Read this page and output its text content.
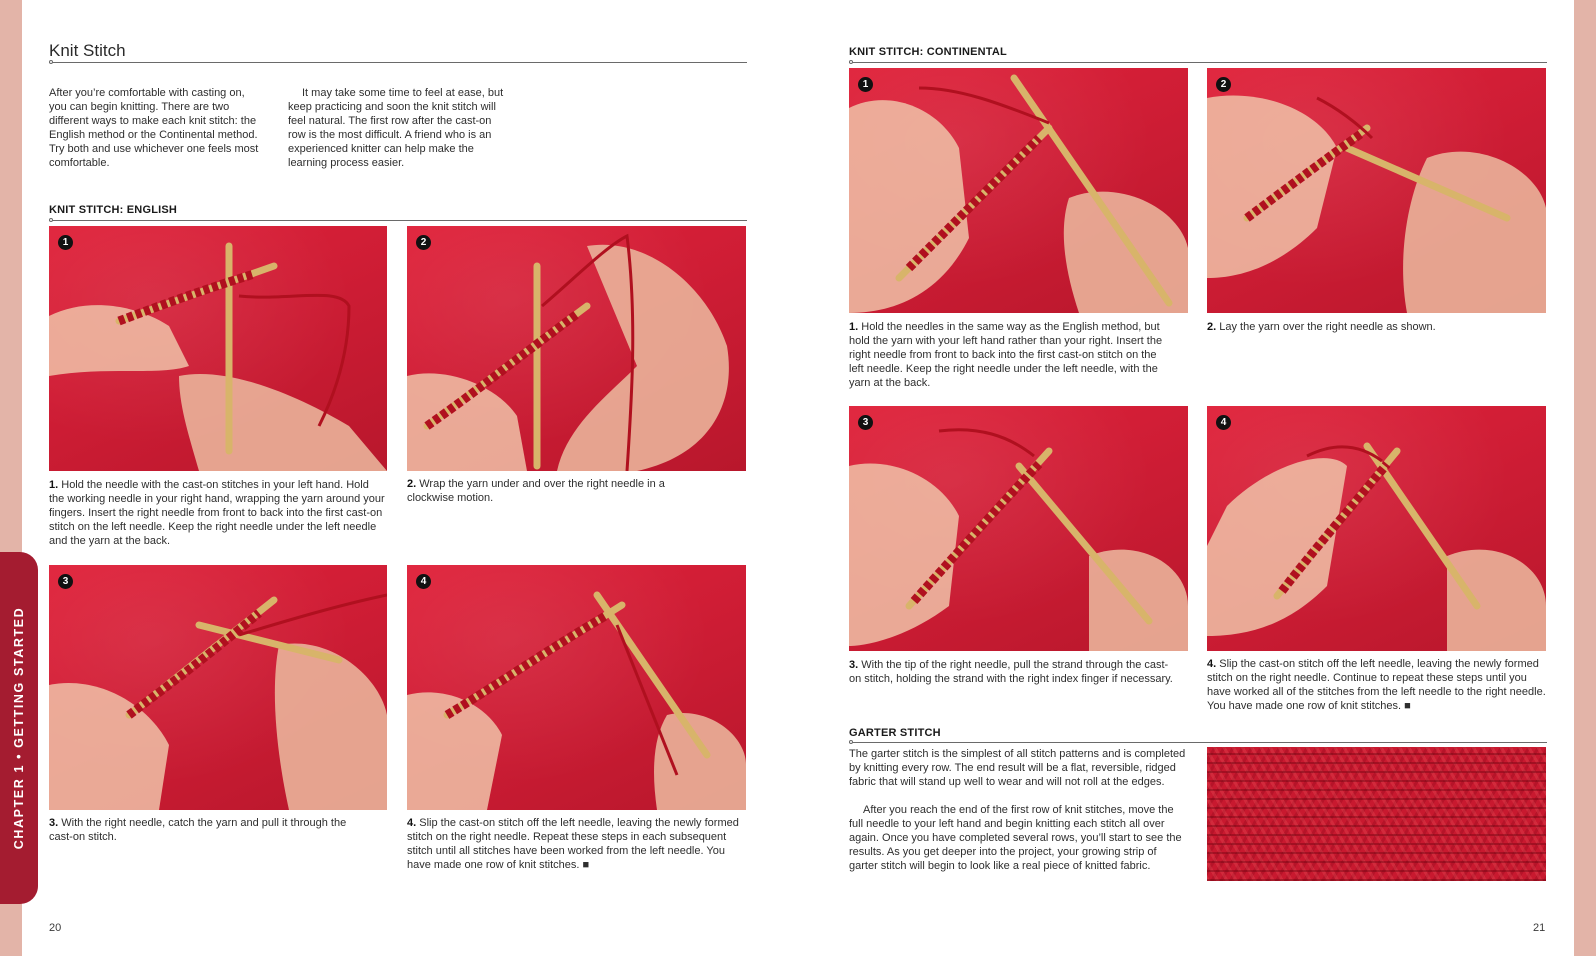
CHAPTER 1 • GETTING STARTED
Knit Stitch

After you’re comfortable with casting on, you can begin knitting. There are two different ways to make each knit stitch: the English method or the Continental method. Try both and use whichever one feels most comfortable.

It may take some time to feel at ease, but keep practicing and soon the knit stitch will feel natural. The first row after the cast-on row is the most difficult. A friend who is an experienced knitter can help make the learning process easier.

KNIT STITCH: ENGLISH
1	2

1. Hold the needle with the cast-on stitches in your left hand. Hold the working needle in your right hand, wrapping the yarn around your fingers. Insert the right needle from front to back into the first cast-on stitch on the left needle. Keep the right needle under the left needle and the yarn at the back.

2. Wrap the yarn under and over the right needle in a clockwise motion.

3	4

3. With the right needle, catch the yarn and pull it through the cast-on stitch.

4. Slip the cast-on stitch off the left needle, leaving the newly formed stitch on the right needle. Repeat these steps in each subsequent stitch until all stitches have been worked from the left needle. You have made one row of knit stitches. ■

20
KNIT STITCH: CONTINENTAL
1	2

1. Hold the needles in the same way as the English method, but hold the yarn with your left hand rather than your right. Insert the right needle from front to back into the first cast-on stitch on the left needle. Keep the right needle under the left needle, with the yarn at the back.

2. Lay the yarn over the right needle as shown.

3	4

3. With the tip of the right needle, pull the strand through the cast-on stitch, holding the strand with the right index finger if necessary.

4. Slip the cast-on stitch off the left needle, leaving the newly formed stitch on the right needle. Continue to repeat these steps until you have worked all of the stitches from the left needle to the right needle. You have made one row of knit stitches. ■

GARTER STITCH

The garter stitch is the simplest of all stitch patterns and is completed by knitting every row. The end result will be a flat, reversible, ridged fabric that will stand up well to wear and will not roll at the edges.

After you reach the end of the first row of knit stitches, move the full needle to your left hand and begin knitting each stitch all over again. Once you have completed several rows, you’ll start to see the results. As you get deeper into the project, your growing strip of garter stitch will begin to look like a real piece of knitted fabric.

21
